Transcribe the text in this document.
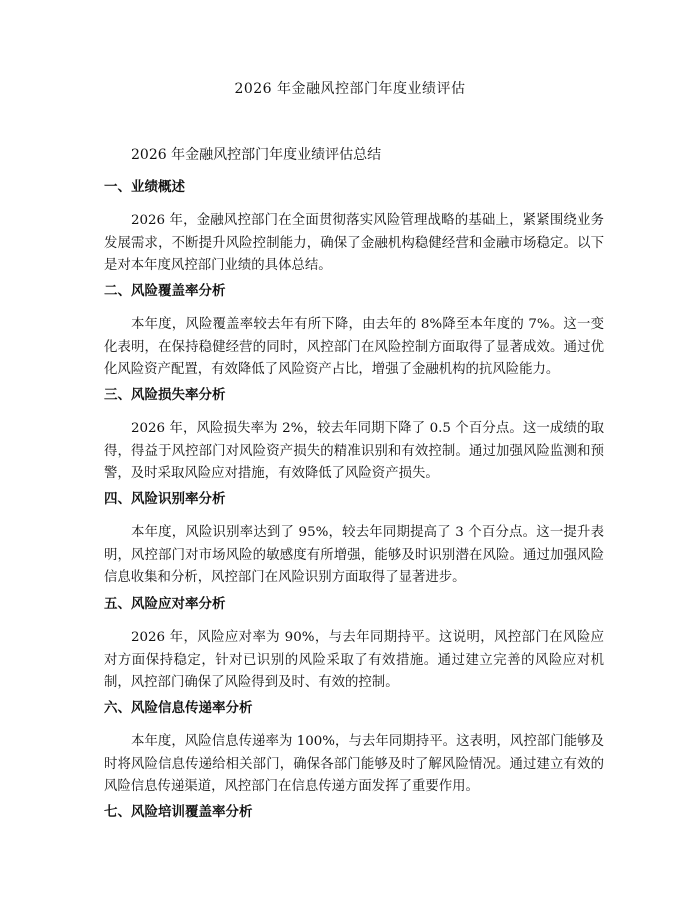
2026 年金融风控部门年度业绩评估
2026 年金融风控部门年度业绩评估总结
一、业绩概述

2026 年，金融风控部门在全面贯彻落实风险管理战略的基础上，紧紧围绕业务发展需求，不断提升风险控制能力，确保了金融机构稳健经营和金融市场稳定。以下是对本年度风控部门业绩的具体总结。

二、风险覆盖率分析

本年度，风险覆盖率较去年有所下降，由去年的 8%降至本年度的 7%。这一变化表明，在保持稳健经营的同时，风控部门在风险控制方面取得了显著成效。通过优化风险资产配置，有效降低了风险资产占比，增强了金融机构的抗风险能力。

三、风险损失率分析

2026 年，风险损失率为 2%，较去年同期下降了 0.5 个百分点。这一成绩的取得，得益于风控部门对风险资产损失的精准识别和有效控制。通过加强风险监测和预警，及时采取风险应对措施，有效降低了风险资产损失。

四、风险识别率分析

本年度，风险识别率达到了 95%，较去年同期提高了 3 个百分点。这一提升表明，风控部门对市场风险的敏感度有所增强，能够及时识别潜在风险。通过加强风险信息收集和分析，风控部门在风险识别方面取得了显著进步。

五、风险应对率分析

2026 年，风险应对率为 90%，与去年同期持平。这说明，风控部门在风险应对方面保持稳定，针对已识别的风险采取了有效措施。通过建立完善的风险应对机制，风控部门确保了风险得到及时、有效的控制。

六、风险信息传递率分析

本年度，风险信息传递率为 100%，与去年同期持平。这表明，风控部门能够及时将风险信息传递给相关部门，确保各部门能够及时了解风险情况。通过建立有效的风险信息传递渠道，风控部门在信息传递方面发挥了重要作用。

七、风险培训覆盖率分析
